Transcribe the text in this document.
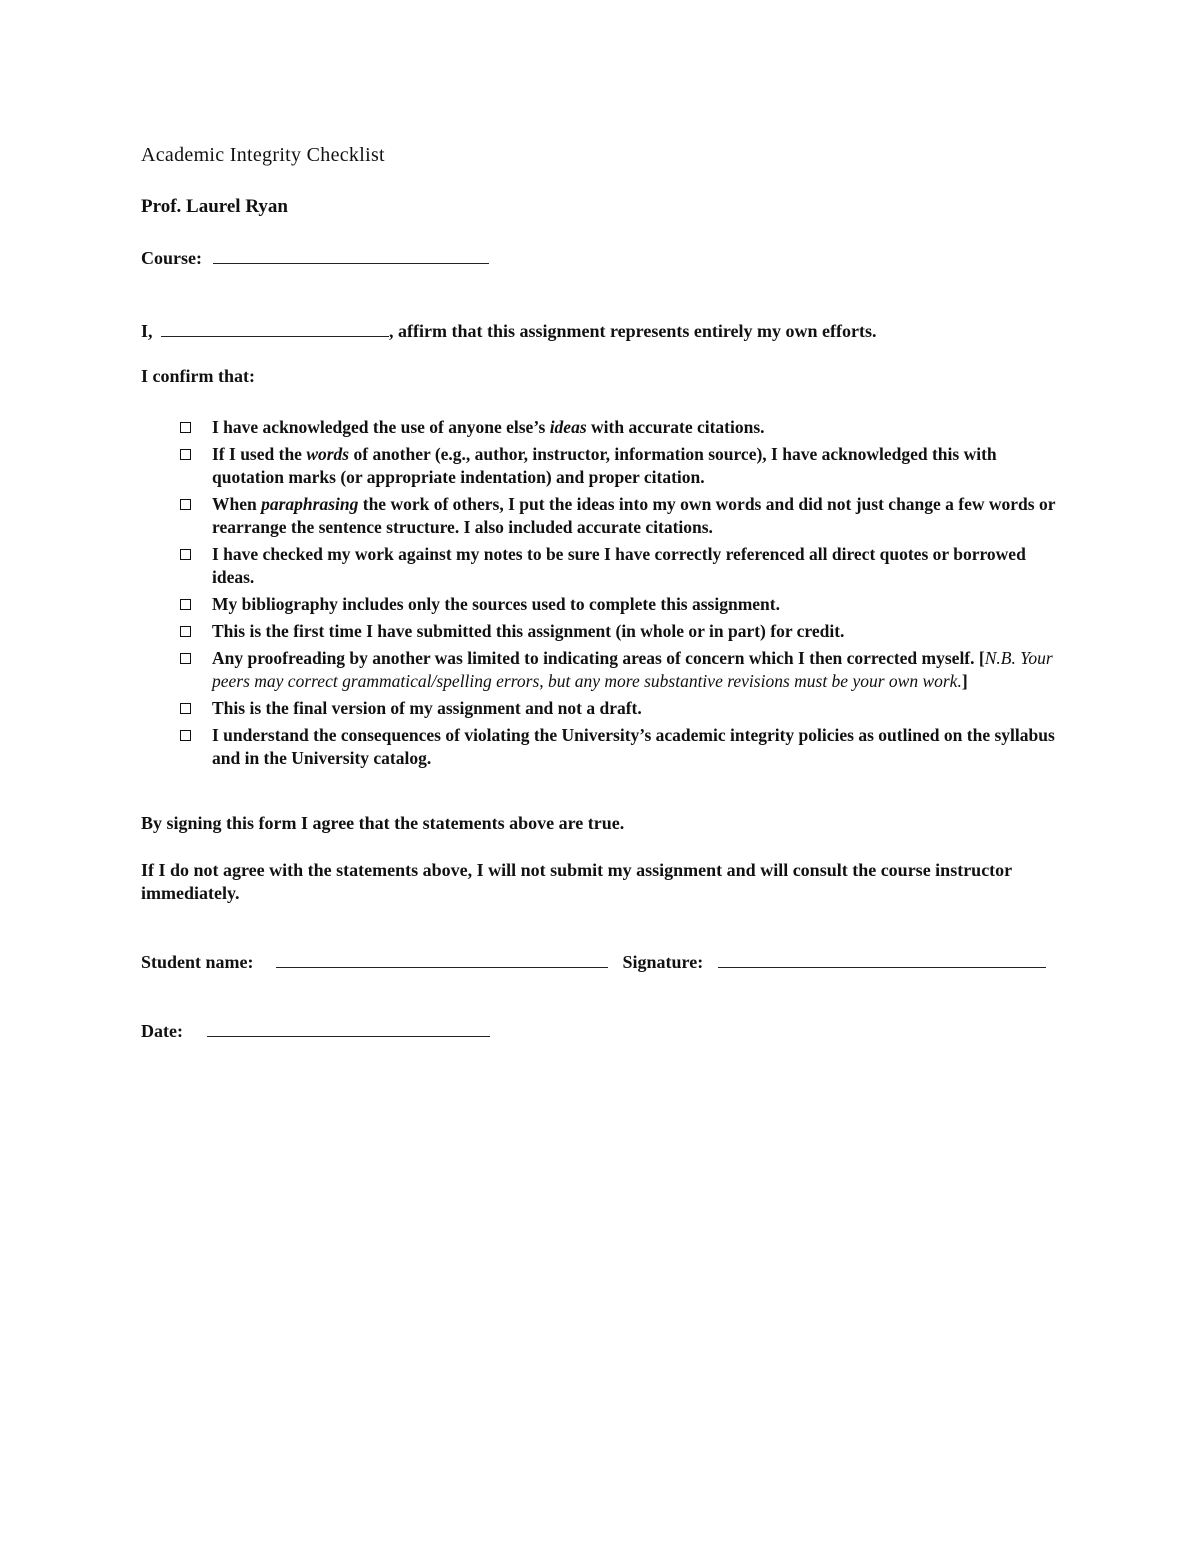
Academic Integrity Checklist
Prof. Laurel Ryan
Course:
I,	, affirm that this assignment represents entirely my own efforts.
I confirm that:
I have acknowledged the use of anyone else’s ideas with accurate citations.
If I used the words of another (e.g., author, instructor, information source), I have acknowledged this with quotation marks (or appropriate indentation) and proper citation.
When paraphrasing the work of others, I put the ideas into my own words and did not just change a few words or rearrange the sentence structure. I also included accurate citations.
I have checked my work against my notes to be sure I have correctly referenced all direct quotes or borrowed ideas.
My bibliography includes only the sources used to complete this assignment.
This is the first time I have submitted this assignment (in whole or in part) for credit.
Any proofreading by another was limited to indicating areas of concern which I then corrected myself. [N.B. Your peers may correct grammatical/spelling errors, but any more substantive revisions must be your own work.]
This is the final version of my assignment and not a draft.
I understand the consequences of violating the University’s academic integrity policies as outlined on the syllabus and in the University catalog.
By signing this form I agree that the statements above are true.
If I do not agree with the statements above, I will not submit my assignment and will consult the course instructor immediately.
Student name:	Signature:
Date:
